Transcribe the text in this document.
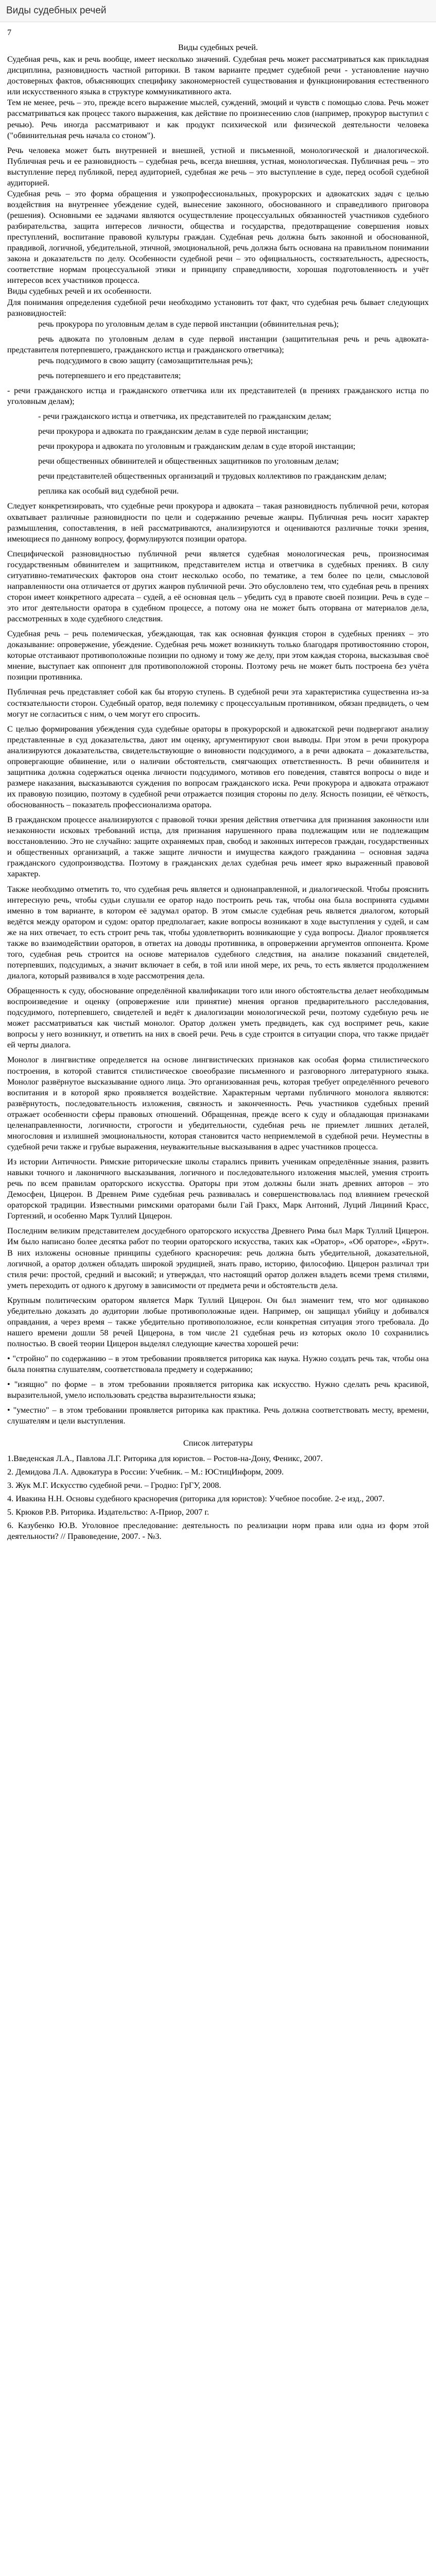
Виды судебных речей
7
Виды судебных речей.

Судебная речь, как и речь вообще, имеет несколько значений. Судебная речь может рассматриваться как прикладная дисциплина, разновидность частной риторики. В таком варианте предмет судебной речи - установление научно достоверных фактов, объясняющих специфику закономерностей существования и функционирования естественного или искусственного языка в структуре коммуникативного акта.

Тем не менее, речь – это, прежде всего выражение мыслей, суждений, эмоций и чувств с помощью слова. Речь может рассматриваться как процесс такого выражения, как действие по произнесению слов (например, прокурор выступил с речью). Речь иногда рассматривают и как продукт психической или физической деятельности человека ("обвинительная речь начала со стоном").

Речь человека может быть внутренней и внешней, устной и письменной, монологической и диалогической. Публичная речь и ее разновидность – судебная речь, всегда внешняя, устная, монологическая. Публичная речь – это выступление перед публикой, перед аудиторией, судебная же речь – это выступление в суде, перед особой судебной аудиторией.

Судебная речь – это форма обращения и узкопрофессиональных, прокурорских и адвокатских задач с целью воздействия на внутреннее убеждение судей, вынесение законного, обоснованного и справедливого приговора (решения). Основными ее задачами являются осуществление процессуальных обязанностей участников судебного разбирательства, защита интересов личности, общества и государства, предотвращение совершения новых преступлений, воспитание правовой культуры граждан. Судебная речь должна быть законной и обоснованной, правдивой, логичной, убедительной, этичной, эмоциональной, речь должна быть основана на правильном понимании закона и доказательств по делу. Особенности судебной речи – это официальность, состязательность, адресность, соответствие нормам процессуальной этики и принципу справедливости, хорошая подготовленность и учёт интересов всех участников процесса.

Виды судебных речей и их особенности.

Для понимания определения судебной речи необходимо установить тот факт, что судебная речь бывает следующих разновидностей:

речь прокурора по уголовным делам в суде первой инстанции (обвинительная речь);

речь адвоката по уголовным делам в суде первой инстанции (защитительная речь и речь адвоката-представителя потерпевшего, гражданского истца и гражданского ответчика);

речь подсудимого в свою защиту (самозащитительная речь);

речь потерпевшего и его представителя;

- речи гражданского истца и гражданского ответчика или их представителей (в прениях гражданского истца по уголовным делам);

- речи гражданского истца и ответчика, их представителей по гражданским делам;

речи прокурора и адвоката по гражданским делам в суде первой инстанции;

речи прокурора и адвоката по уголовным и гражданским делам в суде второй инстанции;

речи общественных обвинителей и общественных защитников по уголовным делам;

речи представителей общественных организаций и трудовых коллективов по гражданским делам;

реплика как особый вид судебной речи.

Следует конкретизировать, что судебные речи прокурора и адвоката – такая разновидность публичной речи, которая охватывает различные разновидности по цели и содержанию речевые жанры. Публичная речь носит характер размышления, сопоставления, в ней рассматриваются, анализируются и оцениваются различные точки зрения, имеющиеся по данному вопросу, формулируются позиции оратора.

Специфической разновидностью публичной речи является судебная монологическая речь, произносимая государственным обвинителем и защитником, представителем истца и ответчика в судебных прениях. В силу ситуативно-тематических факторов она стоит несколько особо, по тематике, а тем более по цели, смысловой направленности она отличается от других жанров публичной речи. Это обусловлено тем, что судебная речь в прениях сторон имеет конкретного адресата – судей, а её основная цель – убедить суд в правоте своей позиции. Речь в суде – это итог деятельности оратора в судебном процессе, а потому она не может быть оторвана от материалов дела, рассмотренных в ходе судебного следствия.

Судебная речь – речь полемическая, убеждающая, так как основная функция сторон в судебных прениях – это доказывание: опровержение, убеждение. Судебная речь может возникнуть только благодаря противостоянию сторон, которые отстаивают противоположные позиции по одному и тому же делу, при этом каждая сторона, высказывая своё мнение, выступает как оппонент для противоположной стороны. Поэтому речь не может быть построена без учёта позиции противника.

Публичная речь представляет собой как бы вторую ступень. В судебной речи эта характеристика существенна из-за состязательности сторон. Судебный оратор, ведя полемику с процессуальным противником, обязан предвидеть, о чем могут не согласиться с ним, о чем могут его спросить.

С целью формирования убеждения суда судебные ораторы в прокурорской и адвокатской речи подвергают анализу представленные в суд доказательства, дают им оценку, аргументируют свои выводы. При этом в речи прокурора анализируются доказательства, свидетельствующие о виновности подсудимого, а в речи адвоката – доказательства, опровергающие обвинение, или о наличии обстоятельств, смягчающих ответственность. В речи обвинителя и защитника должна содержаться оценка личности подсудимого, мотивов его поведения, ставятся вопросы о виде и размере наказания, высказываются суждения по вопросам гражданского иска. Речи прокурора и адвоката отражают их правовую позицию, поэтому в судебной речи отражается позиция стороны по делу. Ясность позиции, её чёткость, обоснованность – показатель профессионализма оратора.

В гражданском процессе анализируются с правовой точки зрения действия ответчика для признания законности или незаконности исковых требований истца, для признания нарушенного права подлежащим или не подлежащим восстановлению. Это не случайно: защите охраняемых прав, свобод и законных интересов граждан, государственных и общественных организаций, а также защите личности и имущества каждого гражданина – основная задача гражданского судопроизводства. Поэтому в гражданских делах судебная речь имеет ярко выраженный правовой характер.

Также необходимо отметить то, что судебная речь является и однонаправленной, и диалогической. Чтобы прояснить интересную речь, чтобы судьи слушали ее оратор надо построить речь так, чтобы она была воспринята судьями именно в том варианте, в котором её задумал оратор. В этом смысле судебная речь является диалогом, который ведётся между оратором и судом: оратор предполагает, какие вопросы возникают в ходе выступления у судей, и сам же на них отвечает, то есть строит речь так, чтобы удовлетворить возникающие у суда вопросы. Диалог проявляется также во взаимодействии ораторов, в ответах на доводы противника, в опровержении аргументов оппонента. Кроме того, судебная речь строится на основе материалов судебного следствия, на анализе показаний свидетелей, потерпевших, подсудимых, а значит включает в себя, в той или иной мере, их речь, то есть является продолжением диалога, который развивался в ходе рассмотрения дела.

Обращенность к суду, обоснование определённой квалификации того или иного обстоятельства делает необходимым воспроизведение и оценку (опровержение или принятие) мнения органов предварительного расследования, подсудимого, потерпевшего, свидетелей и ведёт к диалогизации монологической речи, поэтому судебную речь не может рассматриваться как чистый монолог. Оратор должен уметь предвидеть, как суд воспримет речь, какие вопросы у него возникнут, и ответить на них в своей речи. Речь в суде строится в ситуации спора, что также придаёт ей черты диалога.

Монолог в лингвистике определяется на основе лингвистических признаков как особая форма стилистического построения, в которой ставится стилистическое своеобразие письменного и разговорного литературного языка. Монолог развёрнутое высказывание одного лица. Это организованная речь, которая требует определённого речевого воспитания и в которой ярко проявляется воздействие. Характерным чертами публичного монолога являются: развёрнутость, последовательность изложения, связность и законченность. Речь участников судебных прений отражает особенности сферы правовых отношений. Обращенная, прежде всего к суду и обладающая признаками целенаправленности, логичности, строгости и убедительности, судебная речь не приемлет лишних деталей, многословия и излишней эмоциональности, которая становится часто неприемлемой в судебной речи. Неуместны в судебной речи также и грубые выражения, неуважительные высказывания в адрес участников процесса.

Из истории Античности. Римские риторические школы старались привить ученикам определённые знания, развить навыки точного и лаконичного высказывания, логичного и последовательного изложения мыслей, умения строить речь по всем правилам ораторского искусства. Ораторы при этом должны были знать древних авторов – это Демосфен, Цицерон. В Древнем Риме судебная речь развивалась и совершенствовалась под влиянием греческой ораторской традиции. Известными римскими ораторами были Гай Гракх, Марк Антоний, Луций Лициний Красс, Гортензий, и особенно Марк Туллий Цицерон.

Последним великим представителем досудебного ораторского искусства Древнего Рима был Марк Туллий Цицерон. Им было написано более десятка работ по теории ораторского искусства, таких как «Оратор», «Об ораторе», «Брут». В них изложены основные принципы судебного красноречия: речь должна быть убедительной, доказательной, логичной, а оратор должен обладать широкой эрудицией, знать право, историю, философию. Цицерон различал три стиля речи: простой, средний и высокий; и утверждал, что настоящий оратор должен владеть всеми тремя стилями, уметь переходить от одного к другому в зависимости от предмета речи и обстоятельств дела.

Крупным политическим оратором является Марк Туллий Цицерон. Он был знаменит тем, что мог одинаково убедительно доказать до аудитории любые противоположные идеи. Например, он защищал убийцу и добивался оправдания, а через время – также убедительно противоположное, если конкретная ситуация этого требовала. До нашего времени дошли 58 речей Цицерона, в том числе 21 судебная речь из которых около 10 сохранились полностью. В своей теории Цицерон выделял следующие качества хорошей речи:

• "стройно" по содержанию – в этом требовании проявляется риторика как наука. Нужно создать речь так, чтобы она была понятна слушателям, соответствовала предмету и содержанию;

• "изящно" по форме – в этом требовании проявляется риторика как искусство. Нужно сделать речь красивой, выразительной, умело использовать средства выразительности языка;

• "уместно" – в этом требовании проявляется риторика как практика. Речь должна соответствовать месту, времени, слушателям и цели выступления.

Список литературы

1.Введенская Л.А., Павлова Л.Г. Риторика для юристов. – Ростов-на-Дону, Феникс, 2007.

2. Демидова Л.А. Адвокатура в России: Учебник. – М.: ЮСтицИнформ, 2009.

3. Жук М.Г. Искусство судебной речи. – Гродно: ГрГУ, 2008.

4. Ивакина Н.Н. Основы судебного красноречия (риторика для юристов): Учебное пособие. 2-е изд., 2007.

5. Крюков Р.В. Риторика. Издательство: А-Приор, 2007 г.

6. Казубенко Ю.В. Уголовное преследование: деятельность по реализации норм права или одна из форм этой деятельности? // Правоведение, 2007. - №3.
